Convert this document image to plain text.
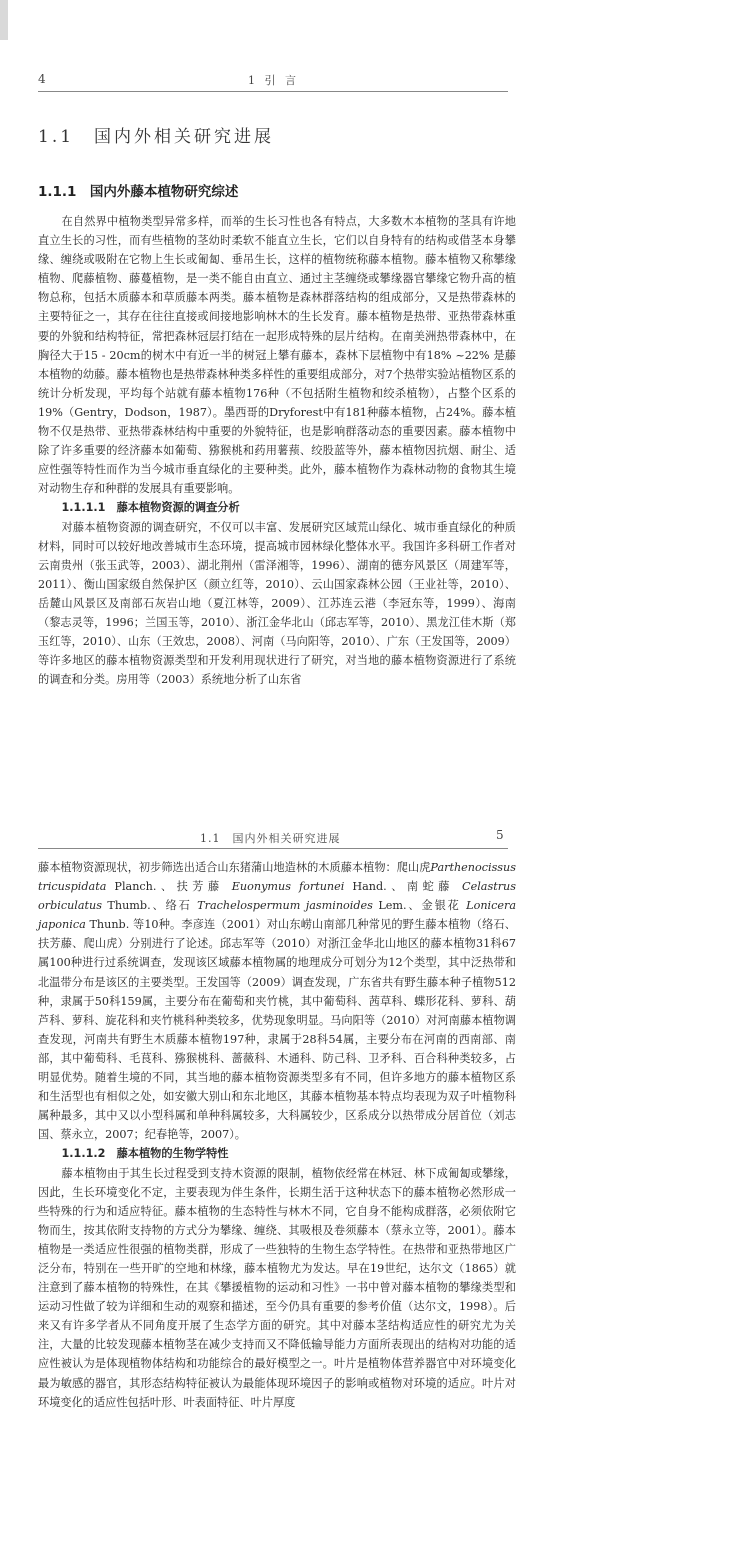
4	1 引 言
1.1　国内外相关研究进展
1.1.1　国内外藤本植物研究综述

在自然界中植物类型异常多样，而举的生长习性也各有特点，大多数木本植物的茎具有许地直立生长的习性，而有些植物的茎幼时柔软不能直立生长，它们以自身特有的结构或借茎本身攀缘、缠绕或吸附在它物上生长或匍匐、垂吊生长，这样的植物统称藤本植物。藤本植物又称攀缘植物、爬藤植物、藤蔓植物，是一类不能自由直立、通过主茎缠绕或攀缘器官攀缘它物升高的植物总称，包括木质藤本和草质藤本两类。藤本植物是森林群落结构的组成部分，又是热带森林的主要特征之一，其存在往往直接或间接地影响林木的生长发育。藤本植物是热带、亚热带森林重要的外貌和结构特征，常把森林冠层打结在一起形成特殊的层片结构。在南美洲热带森林中，在胸径大于15 - 20cm的树木中有近一半的树冠上攀有藤本，森林下层植物中有18% ~22% 是藤本植物的幼藤。藤本植物也是热带森林种类多样性的重要组成部分，对7个热带实验站植物区系的统计分析发现，平均每个站就有藤本植物176种（不包括附生植物和绞杀植物），占整个区系的19%（Gentry，Dodson，1987）。墨西哥的Dryforest中有181种藤本植物，占24%。藤本植物不仅是热带、亚热带森林结构中重要的外貌特征，也是影响群落动态的重要因素。藤本植物中除了许多重要的经济藤本如葡萄、猕猴桃和药用薯蓣、绞股蓝等外，藤本植物因抗烟、耐尘、适应性强等特性而作为当今城市垂直绿化的主要种类。此外，藤本植物作为森林动物的食物其生境对动物生存和种群的发展具有重要影响。

1.1.1.1　藤本植物资源的调查分析

对藤本植物资源的调查研究，不仅可以丰富、发展研究区域荒山绿化、城市垂直绿化的种质材料，同时可以较好地改善城市生态环境，提高城市园林绿化整体水平。我国许多科研工作者对云南贵州（张玉武等，2003）、湖北荆州（雷泽湘等，1996）、湖南的德夯风景区（周建军等，2011）、衡山国家级自然保护区（颜立红等，2010）、云山国家森林公园（王业社等，2010）、岳麓山风景区及南部石灰岩山地（夏江林等，2009）、江苏连云港（李冠东等，1999）、海南（黎志灵等，1996；兰国玉等，2010）、浙江金华北山（邱志军等，2010）、黑龙江佳木斯（郑玉红等，2010）、山东（王效忠，2008）、河南（马向阳等，2010）、广东（王发国等，2009）等许多地区的藤本植物资源类型和开发利用现状进行了研究，对当地的藤本植物资源进行了系统的调查和分类。房用等（2003）系统地分析了山东省

1.1　国内外相关研究进展	5

藤本植物资源现状，初步筛选出适合山东猪蒲山地造林的木质藤本植物：爬山虎Parthenocissus tricuspidata Planch.、扶芳藤 Euonymus fortunei Hand.、南蛇藤 Celastrus orbiculatus Thumb.、络石 Trachelospermum jasminoides Lem.、金银花 Lonicera japonica Thunb. 等10种。李彦连（2001）对山东崂山南部几种常见的野生藤本植物（络石、扶芳藤、爬山虎）分别进行了论述。邱志军等（2010）对浙江金华北山地区的藤本植物31科67属100种进行过系统调查，发现该区域藤本植物属的地理成分可划分为12个类型，其中泛热带和北温带分布是该区的主要类型。王发国等（2009）调查发现，广东省共有野生藤本种子植物512种，隶属于50科159属，主要分布在葡萄和夹竹桃，其中葡萄科、茜草科、蝶形花科、萝科、葫芦科、萝科、旋花科和夹竹桃科种类较多，优势现象明显。马向阳等（2010）对河南藤本植物调查发现，河南共有野生木质藤本植物197种，隶属于28科54属，主要分布在河南的西南部、南部，其中葡萄科、毛茛科、猕猴桃科、蔷薇科、木通科、防己科、卫矛科、百合科种类较多，占明显优势。随着生境的不同，其当地的藤本植物资源类型多有不同，但许多地方的藤本植物区系和生活型也有相似之处，如安徽大别山和东北地区，其藤本植物基本特点均表现为双子叶植物科属种最多，其中又以小型科属和单种科属较多，大科属较少，区系成分以热带成分居首位（刘志国、蔡永立，2007；纪春艳等，2007）。

1.1.1.2　藤本植物的生物学特性

藤本植物由于其生长过程受到支持木资源的限制，植物依经常在林冠、林下成匍匐或攀缘，因此，生长环境变化不定，主要表现为伴生条件，长期生活于这种状态下的藤本植物必然形成一些特殊的行为和适应特征。藤本植物的生态特性与林木不同，它自身不能构成群落，必须依附它物而生，按其依附支持物的方式分为攀缘、缠绕、其吸根及卷须藤本（蔡永立等，2001）。藤本植物是一类适应性很强的植物类群，形成了一些独特的生物生态学特性。在热带和亚热带地区广泛分布，特别在一些开旷的空地和林缘，藤本植物尤为发达。早在19世纪，达尔文（1865）就注意到了藤本植物的特殊性，在其《攀援植物的运动和习性》一书中曾对藤本植物的攀缘类型和运动习性做了较为详细和生动的观察和描述，至今仍具有重要的参考价值（达尔文，1998）。后来又有许多学者从不同角度开展了生态学方面的研究。其中对藤本茎结构适应性的研究尤为关注，大量的比较发现藤本植物茎在减少支持而又不降低输导能力方面所表现出的结构对功能的适应性被认为是体现植物体结构和功能综合的最好模型之一。叶片是植物体营养器官中对环境变化最为敏感的器官，其形态结构特征被认为最能体现环境因子的影响或植物对环境的适应。叶片对环境变化的适应性包括叶形、叶表面特征、叶片厚度
